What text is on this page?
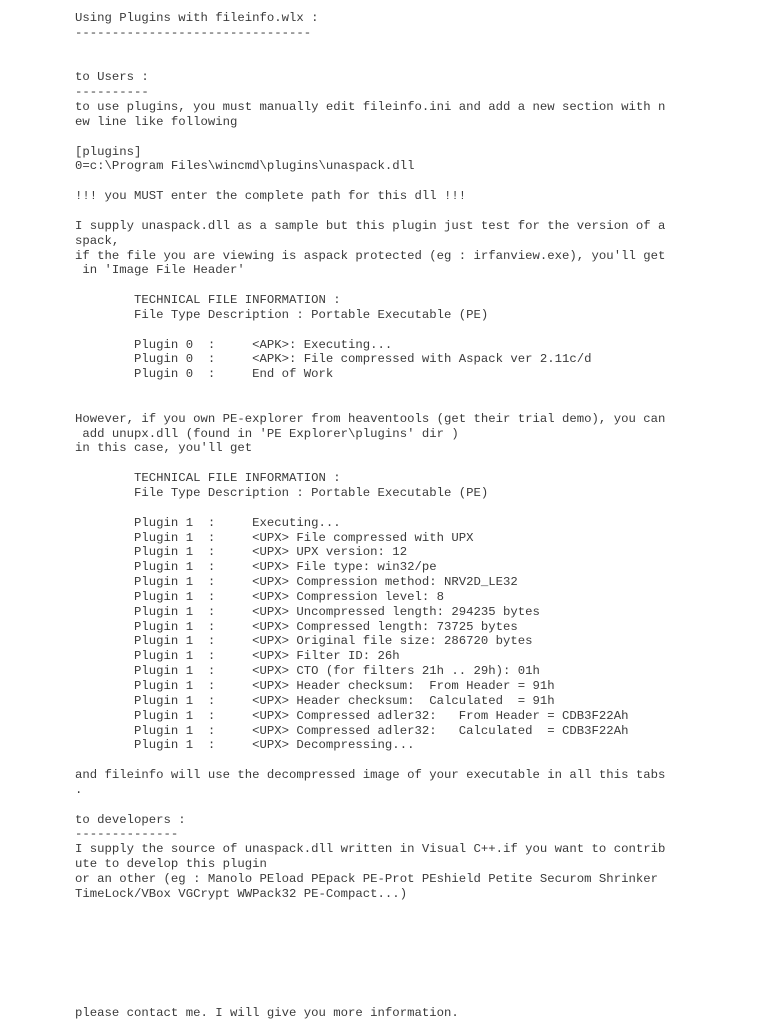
Using Plugins with fileinfo.wlx :
--------------------------------
to Users :
----------
to use plugins, you must manually edit fileinfo.ini and add a new section with n
ew line like following
[plugins]
0=c:\Program Files\wincmd\plugins\unaspack.dll
!!! you MUST enter the complete path for this dll !!!
I supply unaspack.dll as a sample but this plugin just test for the version of a
spack,
if the file you are viewing is aspack protected (eg : irfanview.exe), you'll get
in 'Image File Header'
TECHNICAL FILE INFORMATION :
File Type Description : Portable Executable (PE)
Plugin 0  :     <APK>: Executing...
Plugin 0  :     <APK>: File compressed with Aspack ver 2.11c/d
Plugin 0  :     End of Work
However, if you own PE-explorer from heaventools (get their trial demo), you can
add unupx.dll (found in 'PE Explorer\plugins' dir )
in this case, you'll get
TECHNICAL FILE INFORMATION :
File Type Description : Portable Executable (PE)
Plugin 1  :     Executing...
Plugin 1  :     <UPX> File compressed with UPX
Plugin 1  :     <UPX> UPX version: 12
Plugin 1  :     <UPX> File type: win32/pe
Plugin 1  :     <UPX> Compression method: NRV2D_LE32
Plugin 1  :     <UPX> Compression level: 8
Plugin 1  :     <UPX> Uncompressed length: 294235 bytes
Plugin 1  :     <UPX> Compressed length: 73725 bytes
Plugin 1  :     <UPX> Original file size: 286720 bytes
Plugin 1  :     <UPX> Filter ID: 26h
Plugin 1  :     <UPX> CTO (for filters 21h .. 29h): 01h
Plugin 1  :     <UPX> Header checksum:  From Header = 91h
Plugin 1  :     <UPX> Header checksum:  Calculated  = 91h
Plugin 1  :     <UPX> Compressed adler32:   From Header = CDB3F22Ah
Plugin 1  :     <UPX> Compressed adler32:   Calculated  = CDB3F22Ah
Plugin 1  :     <UPX> Decompressing...
and fileinfo will use the decompressed image of your executable in all this tabs
.
to developers :
--------------
I supply the source of unaspack.dll written in Visual C++.if you want to contrib
ute to develop this plugin
or an other (eg : Manolo PEload PEpack PE-Prot PEshield Petite Securom Shrinker
TimeLock/VBox VGCrypt WWPack32 PE-Compact...)
please contact me. I will give you more information.
